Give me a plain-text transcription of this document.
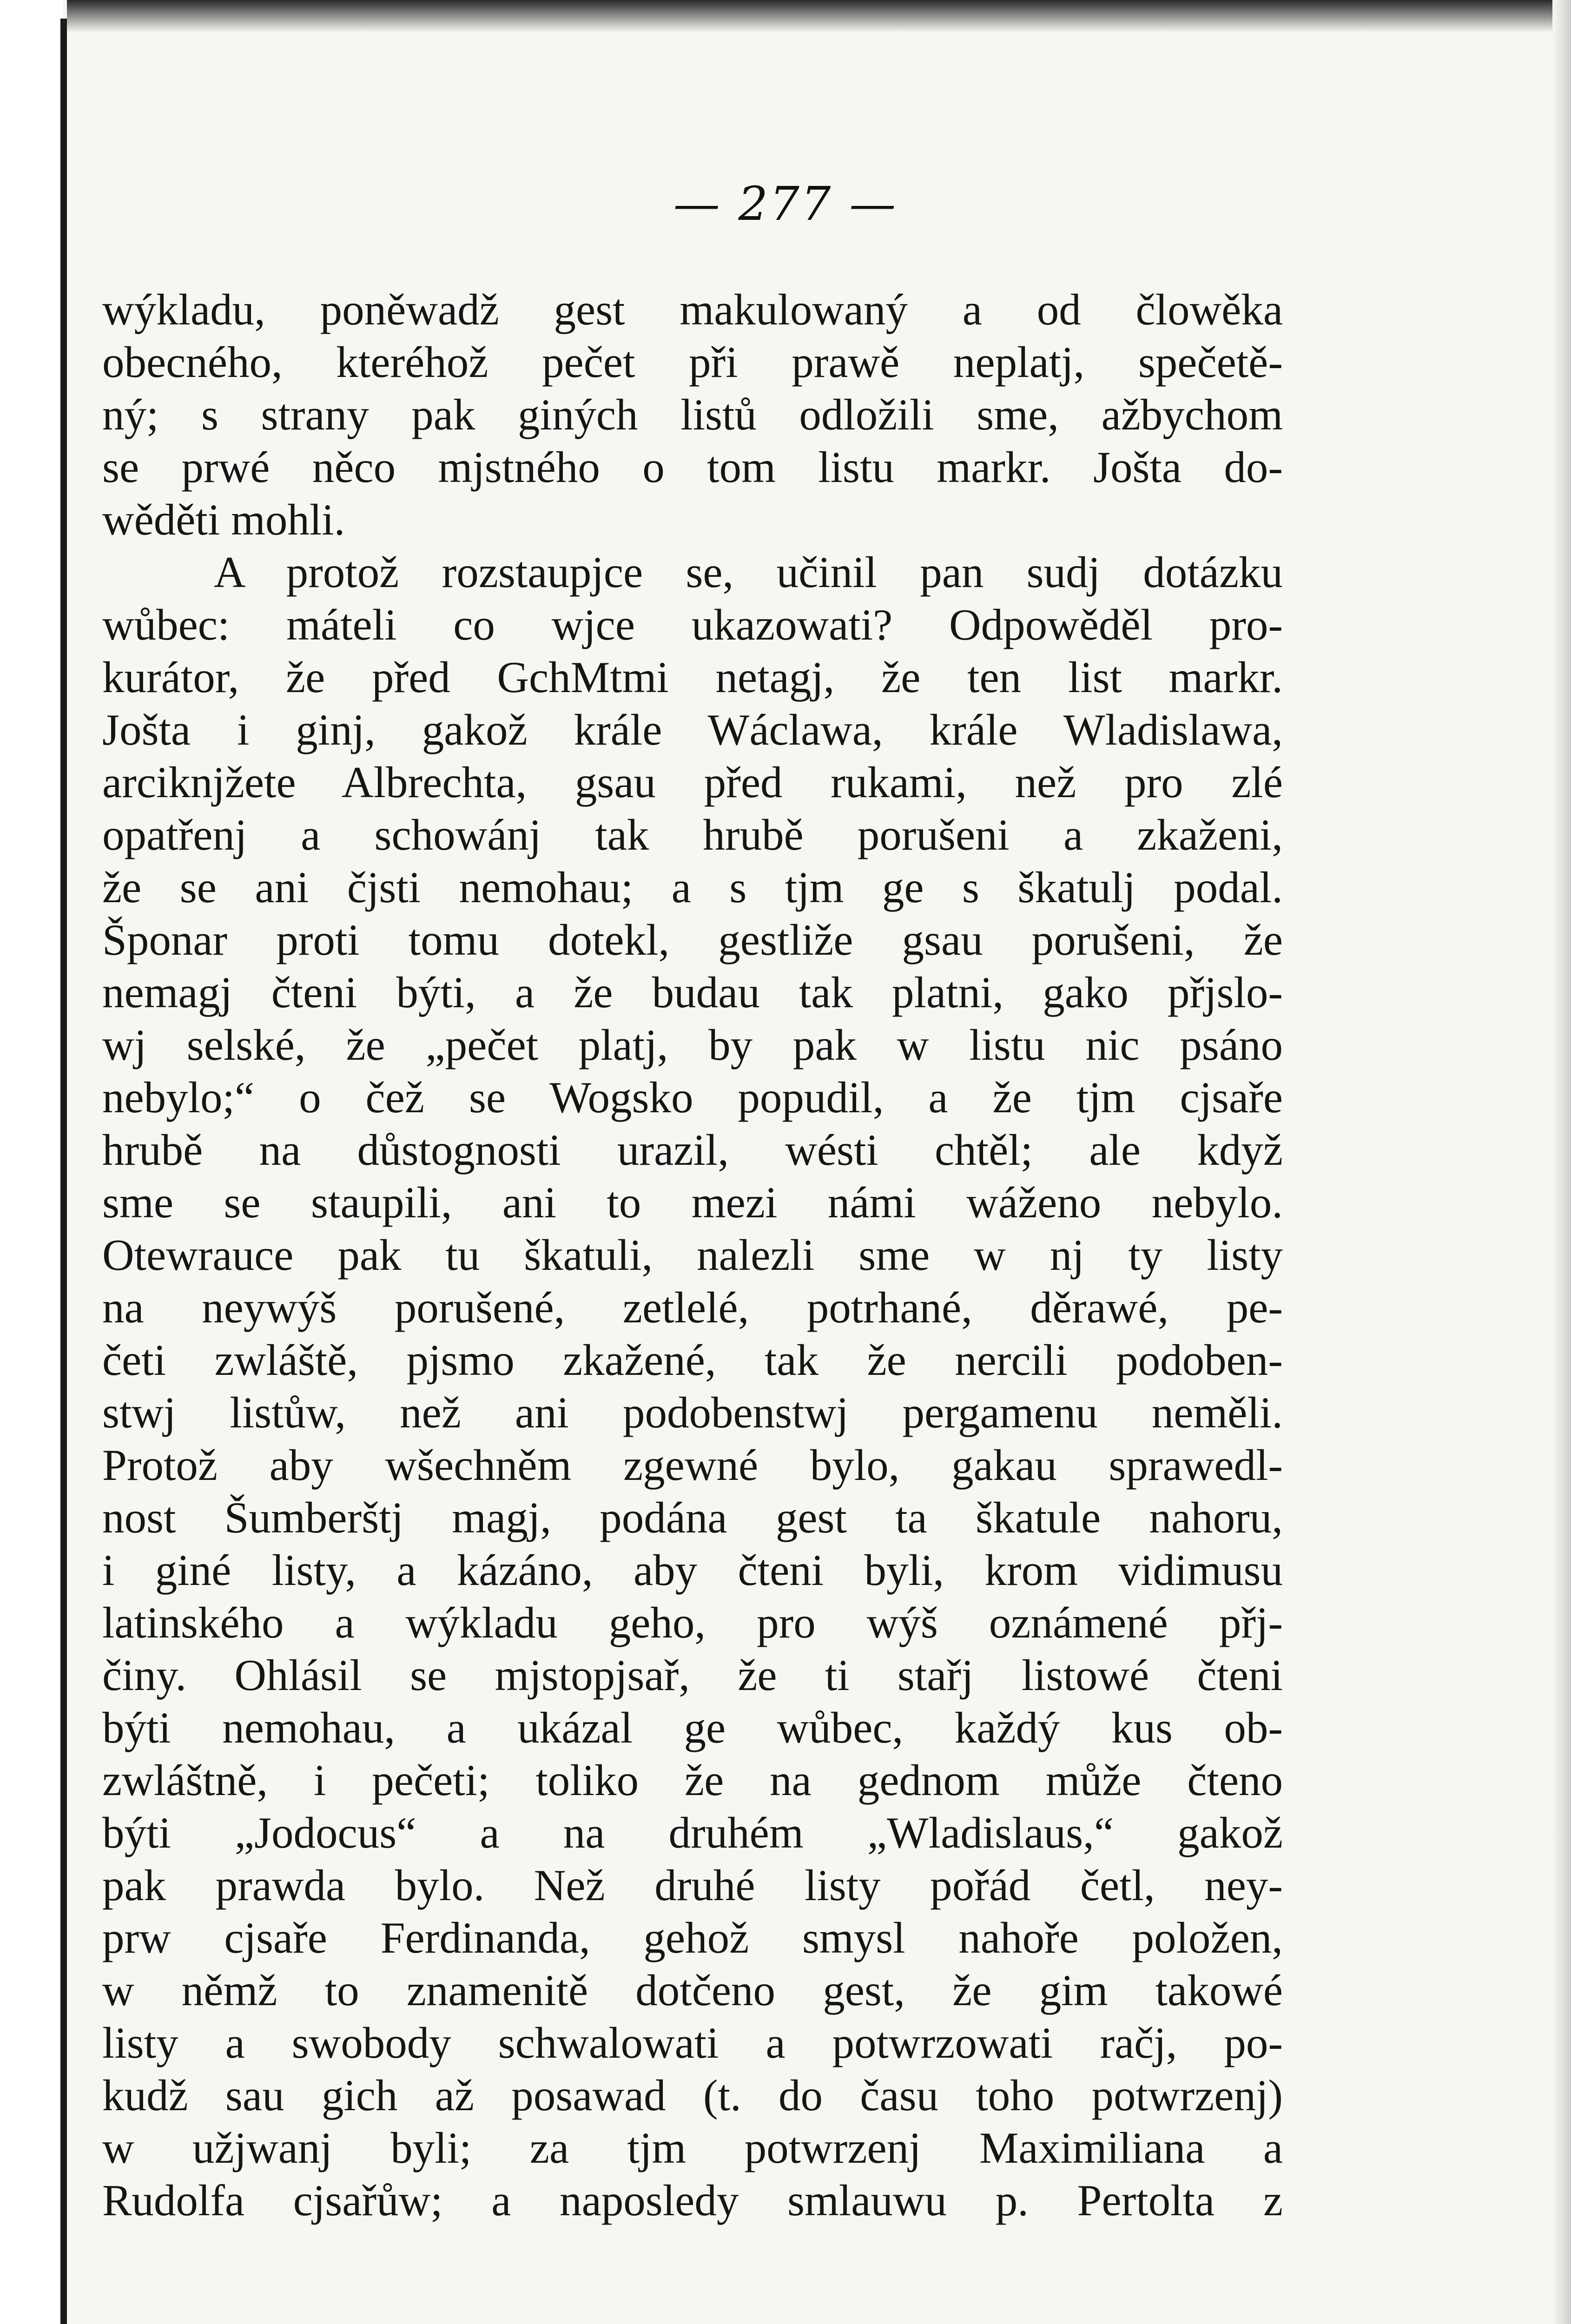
— 277 —
wýkladu, poněwadž gest makulowaný a od člowěka
obecného, kteréhož pečet při prawě neplatj, spečetě-
ný; s strany pak giných listů odložili sme, ažbychom
se prwé něco mjstného o tom listu markr. Jošta do-
wěděti mohli.
A protož rozstaupjce se, učinil pan sudj dotázku
wůbec: máteli co wjce ukazowati? Odpowěděl pro-
kurátor, že před GchMtmi netagj, že ten list markr.
Jošta i ginj, gakož krále Wáclawa, krále Wladislawa,
arciknjžete Albrechta, gsau před rukami, než pro zlé
opatřenj a schowánj tak hrubě porušeni a zkaženi,
že se ani čjsti nemohau; a s tjm ge s škatulj podal.
Šponar proti tomu dotekl, gestliže gsau porušeni, že
nemagj čteni býti, a že budau tak platni, gako přjslo-
wj selské, že „pečet platj, by pak w listu nic psáno
nebylo;“ o čež se Wogsko popudil, a že tjm cjsaře
hrubě na důstognosti urazil, wésti chtěl; ale když
sme se staupili, ani to mezi námi wáženo nebylo.
Otewrauce pak tu škatuli, nalezli sme w nj ty listy
na neywýš porušené, zetlelé, potrhané, děrawé, pe-
četi zwláště, pjsmo zkažené, tak že nercili podoben-
stwj listůw, než ani podobenstwj pergamenu neměli.
Protož aby wšechněm zgewné bylo, gakau sprawedl-
nost Šumberštj magj, podána gest ta škatule nahoru,
i giné listy, a kázáno, aby čteni byli, krom vidimusu
latinského a wýkladu geho, pro wýš oznámené přj-
činy. Ohlásil se mjstopjsař, že ti stařj listowé čteni
býti nemohau, a ukázal ge wůbec, každý kus ob-
zwláštně, i pečeti; toliko že na gednom může čteno
býti „Jodocus“ a na druhém „Wladislaus,“ gakož
pak prawda bylo. Než druhé listy pořád četl, ney-
prw cjsaře Ferdinanda, gehož smysl nahoře položen,
w němž to znamenitě dotčeno gest, že gim takowé
listy a swobody schwalowati a potwrzowati račj, po-
kudž sau gich až posawad (t. do času toho potwrzenj)
w užjwanj byli; za tjm potwrzenj Maximiliana a
Rudolfa cjsařůw; a naposledy smlauwu p. Pertolta z
